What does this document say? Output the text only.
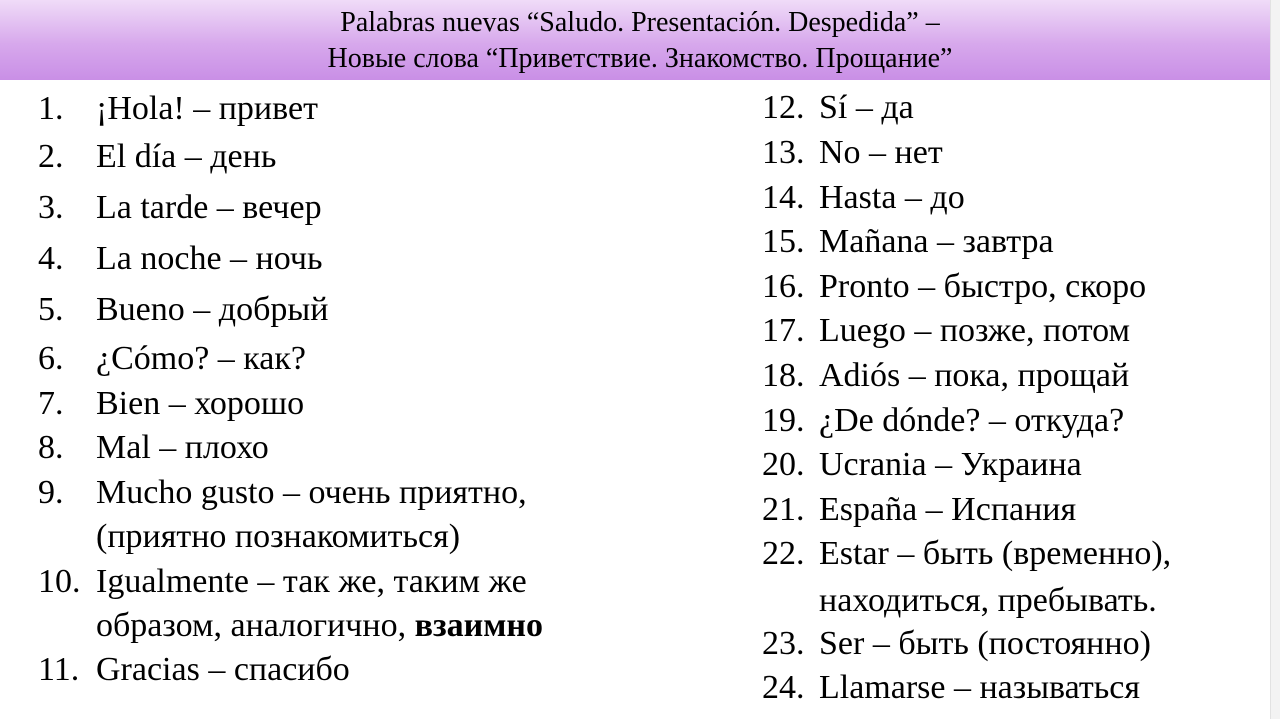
Palabras nuevas “Saludo. Presentación. Despedida” –
Новые слова “Приветствие. Знакомство. Прощание”
1. ¡Hola! – привет
2. El día – день
3. La tarde – вечер
4. La noche – ночь
5. Bueno – добрый
6. ¿Cómo? – как?
7. Bien – хорошо
8. Mal – плохо
9. Mucho gusto – очень приятно,
(приятно познакомиться)
10. Igualmente – так же, таким же
образом, аналогично, взаимно
11. Gracias – спасибо
12. Sí – да
13. No – нет
14. Hasta – до
15. Mañana – завтра
16. Pronto – быстро, скоро
17. Luego – позже, потом
18. Adiós – пока, прощай
19. ¿De dónde? – откуда?
20. Ucrania – Украина
21. España – Испания
22. Estar – быть (временно),
находиться, пребывать.
23. Ser – быть (постоянно)
24. Llamarse – называться
